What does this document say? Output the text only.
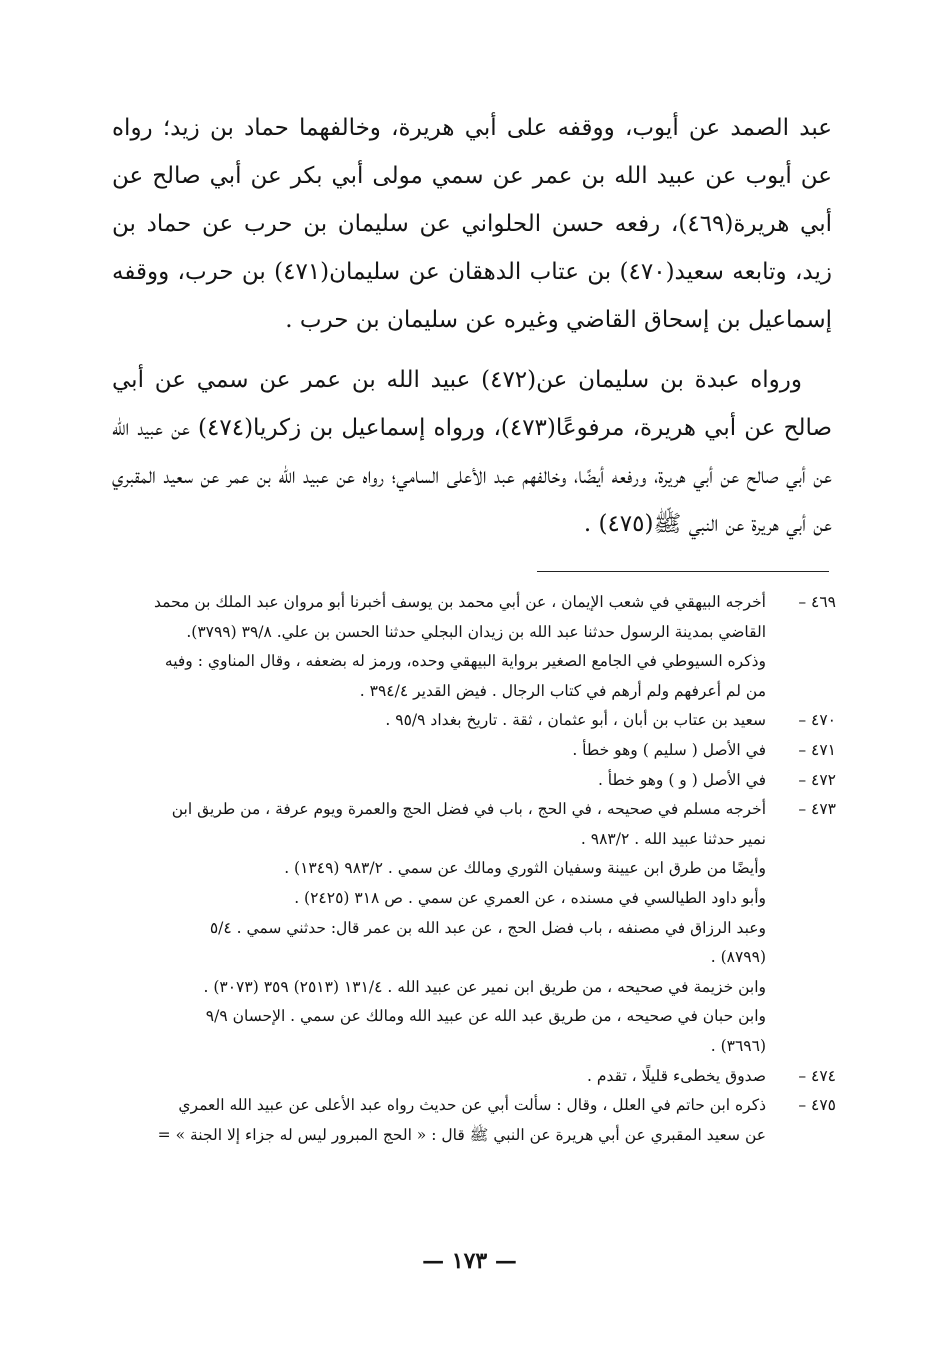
عبد الصمد عن أيوب، ووقفه على أبي هريرة، وخالفهما حماد بن زيد؛ رواه عن أيوب عن عبيد الله بن عمر عن سمي مولى أبي بكر عن أبي صالح عن أبي هريرة(٤٦٩)، رفعه حسن الحلواني عن سليمان بن حرب عن حماد بن زيد، وتابعه سعيد(٤٧٠) بن عتاب الدهقان عن سليمان(٤٧١) بن حرب، ووقفه إسماعيل بن إسحاق القاضي وغيره عن سليمان بن حرب .

ورواه عبدة بن سليمان عن(٤٧٢) عبيد الله بن عمر عن سمي عن أبي صالح عن أبي هريرة، مرفوعًا(٤٧٣)، ورواه إسماعيل بن زكريا(٤٧٤) عن عبيد الله عن أبي صالح عن أبي هريرة، ورفعه أيضًا، وخالفهم عبد الأعلى السامي؛ رواه عن عبيد الله بن عمر عن سعيد المقبري عن أبي هريرة عن النبي ﷺ(٤٧٥) .

٤٦٩ –
أخرجه البيهقي في شعب الإيمان ، عن أبي محمد بن يوسف أخبرنا أبو مروان عبد الملك بن محمد
القاضي بمدينة الرسول حدثنا عبد الله بن زيدان البجلي حدثنا الحسن بن علي. ٣٩/٨ (٣٧٩٩).
وذكره السيوطي في الجامع الصغير برواية البيهقي وحده، ورمز له بضعفه ، وقال المناوي : وفيه
من لم أعرفهم ولم أرهم في كتاب الرجال . فيض القدير ٣٩٤/٤ .
٤٧٠ –
سعيد بن عتاب بن أبان ، أبو عثمان ، ثقة . تاريخ بغداد ٩٥/٩ .
٤٧١ –
في الأصل ( سليم ) وهو خطأ .
٤٧٢ –
في الأصل ( و ) وهو خطأ .
٤٧٣ –
أخرجه مسلم في صحيحه ، في الحج ، باب في فضل الحج والعمرة ويوم عرفة ، من طريق ابن
نمير حدثنا عبيد الله . ٩٨٣/٢ .
وأيضًا من طرق ابن عيينة وسفيان الثوري ومالك عن سمي . ٩٨٣/٢ (١٣٤٩) .
وأبو داود الطيالسي في مسنده ، عن العمري عن سمي . ص ٣١٨ (٢٤٢٥) .
وعبد الرزاق في مصنفه ، باب فضل الحج ، عن عبد الله بن عمر قال: حدثني سمي . ٥/٤
(٨٧٩٩) .
وابن خزيمة في صحيحه ، من طريق ابن نمير عن عبيد الله . ١٣١/٤ (٢٥١٣) ٣٥٩ (٣٠٧٣) .
وابن حبان في صحيحه ، من طريق عبد الله عن عبيد الله ومالك عن سمي . الإحسان ٩/٩
(٣٦٩٦) .
٤٧٤ –
صدوق يخطىء قليلًا ، تقدم .
٤٧٥ –
ذكره ابن حاتم في العلل ، وقال : سألت أبي عن حديث رواه عبد الأعلى عن عبيد الله العمري
عن سعيد المقبري عن أبي هريرة عن النبي ﷺ قال : « الحج المبرور ليس له جزاء إلا الجنة » =
— ١٧٣ —
